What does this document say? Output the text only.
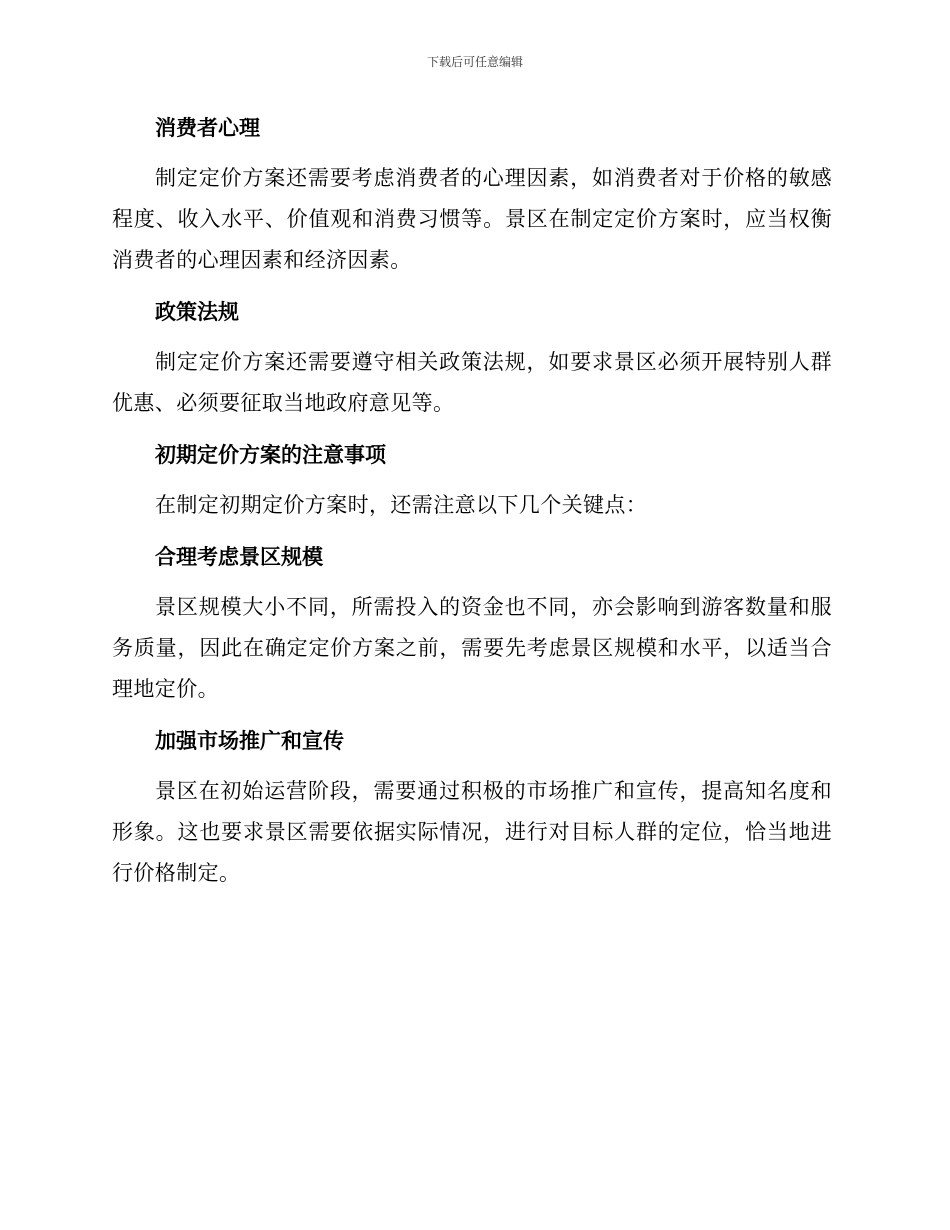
下载后可任意编辑
消费者心理

制定定价方案还需要考虑消费者的心理因素，如消费者对于价格的敏感程度、收入水平、价值观和消费习惯等。景区在制定定价方案时，应当权衡消费者的心理因素和经济因素。

政策法规

制定定价方案还需要遵守相关政策法规，如要求景区必须开展特别人群优惠、必须要征取当地政府意见等。

初期定价方案的注意事项

在制定初期定价方案时，还需注意以下几个关键点：

合理考虑景区规模

景区规模大小不同，所需投入的资金也不同，亦会影响到游客数量和服务质量，因此在确定定价方案之前，需要先考虑景区规模和水平，以适当合理地定价。

加强市场推广和宣传

景区在初始运营阶段，需要通过积极的市场推广和宣传，提高知名度和形象。这也要求景区需要依据实际情况，进行对目标人群的定位，恰当地进行价格制定。
